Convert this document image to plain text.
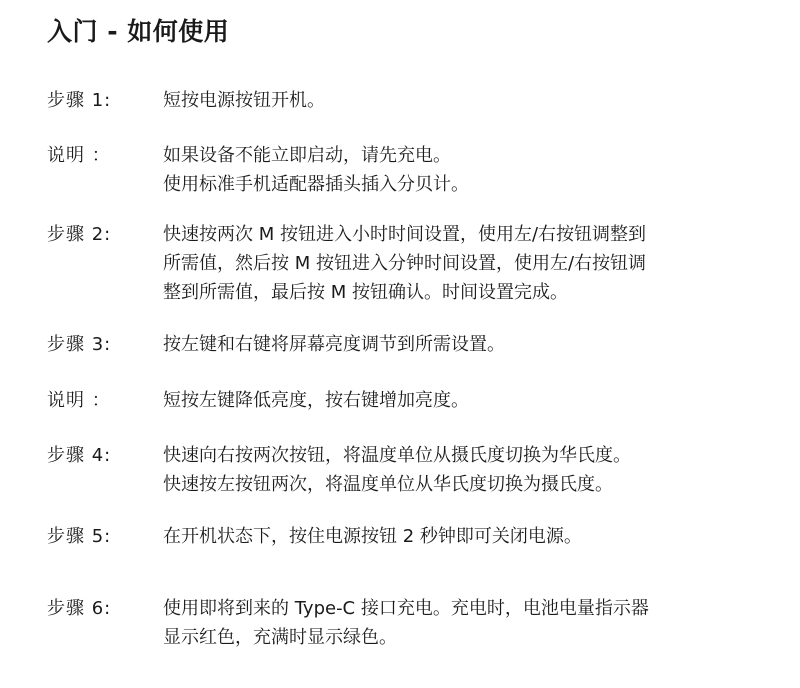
入门 - 如何使用
步骤 1:	短按电源按钮开机。
说明 ：	如果设备不能立即启动，请先充电。
使用标准手机适配器插头插入分贝计。
步骤 2:	快速按两次 M 按钮进入小时时间设置，使用左/右按钮调整到
所需值，然后按 M 按钮进入分钟时间设置，使用左/右按钮调
整到所需值，最后按 M 按钮确认。时间设置完成。
步骤 3:	按左键和右键将屏幕亮度调节到所需设置。
说明 ：	短按左键降低亮度，按右键增加亮度。
步骤 4:	快速向右按两次按钮，将温度单位从摄氏度切换为华氏度。
快速按左按钮两次，将温度单位从华氏度切换为摄氏度。
步骤 5:	在开机状态下，按住电源按钮 2 秒钟即可关闭电源。
步骤 6:	使用即将到来的 Type-C 接口充电。充电时，电池电量指示器
显示红色，充满时显示绿色。
